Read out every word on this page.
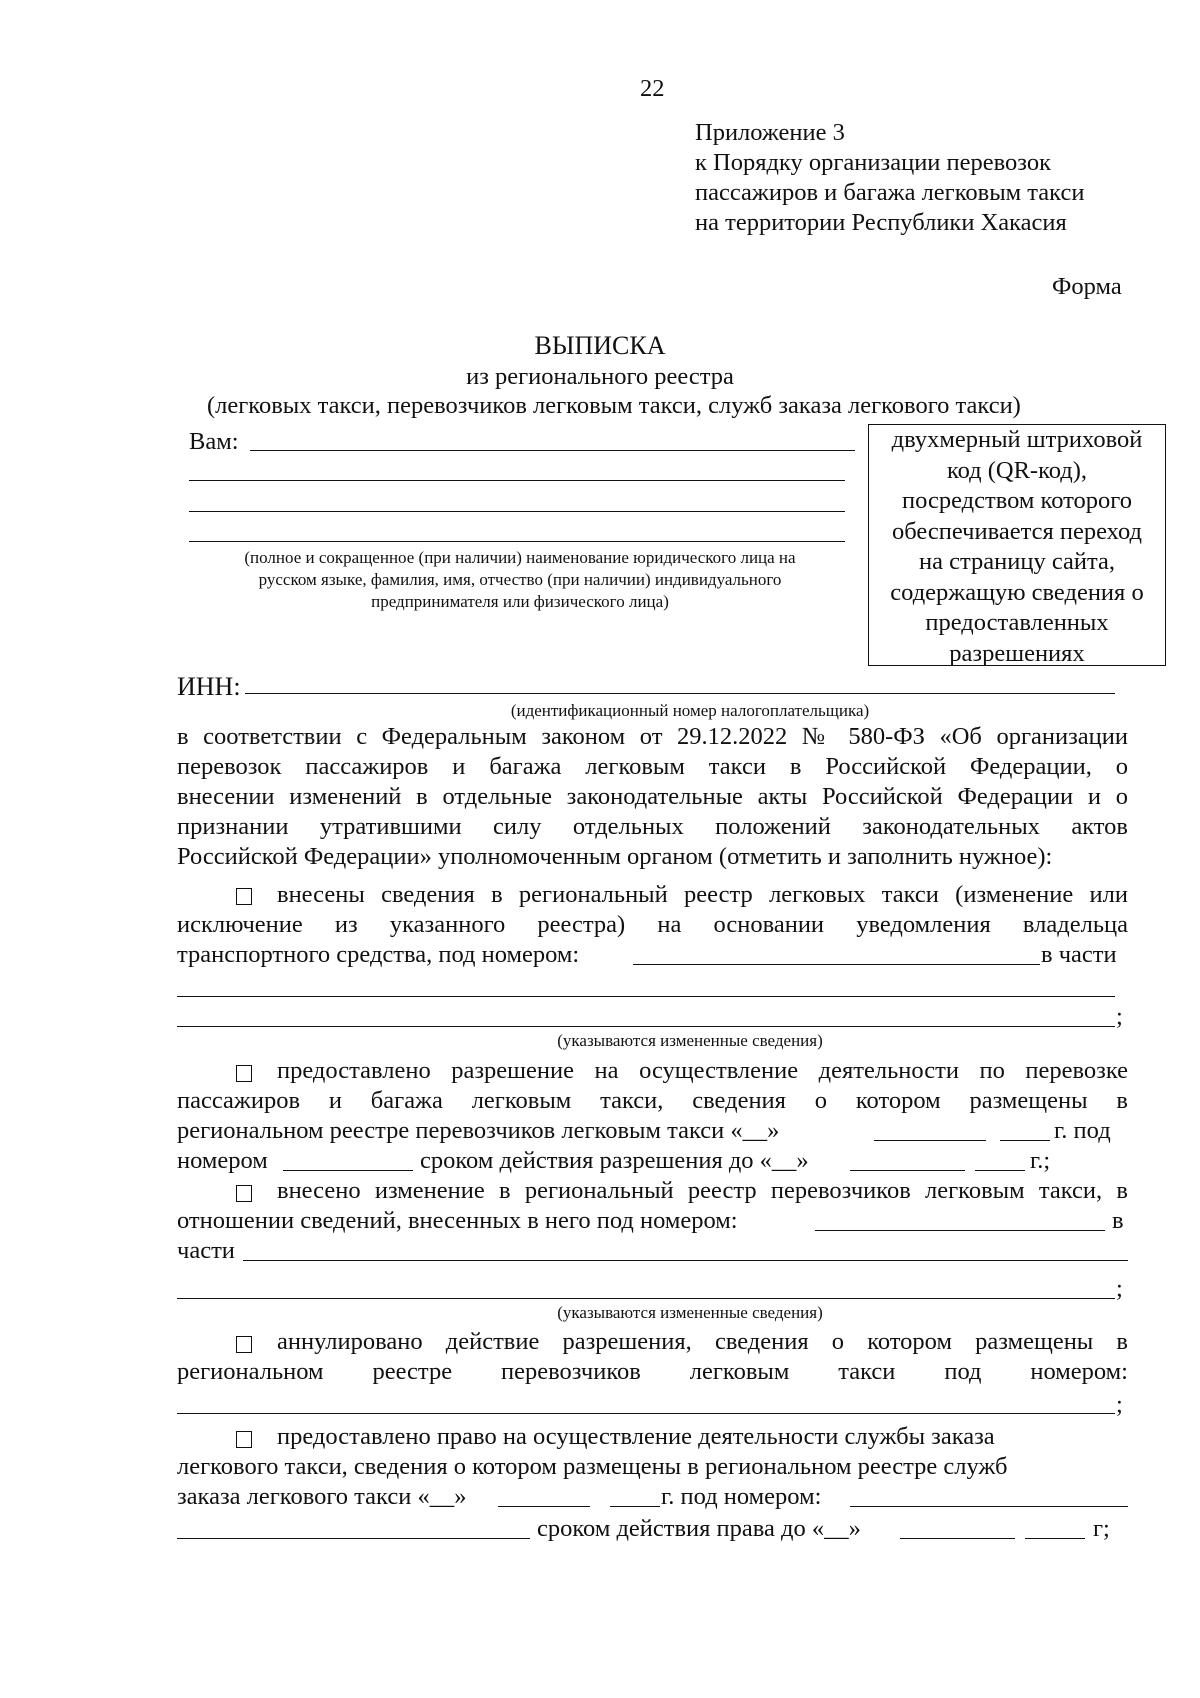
22
Приложение 3
к Порядку организации перевозок
пассажиров и багажа легковым такси
на территории Республики Хакасия
Форма
ВЫПИСКА
из регионального реестра
(легковых такси, перевозчиков легковым такси, служб заказа легкового такси)
Вам:
(полное и сокращенное (при наличии) наименование юридического лица на
русском языке, фамилия, имя, отчество (при наличии) индивидуального
предпринимателя или физического лица)
двухмерный штриховой
код (QR-код),
посредством которого
обеспечивается переход
на страницу сайта,
содержащую сведения о
предоставленных
разрешениях
ИНН:
(идентификационный номер налогоплательщика)
в соответствии с Федеральным законом от 29.12.2022 № 580-ФЗ «Об организации
перевозок пассажиров и багажа легковым такси в Российской Федерации, о
внесении изменений в отдельные законодательные акты Российской Федерации и о
признании утратившими силу отдельных положений законодательных актов
Российской Федерации» уполномоченным органом (отметить и заполнить нужное):
внесены сведения в региональный реестр легковых такси (изменение или
исключение из указанного реестра) на основании уведомления владельца
транспортного средства, под номером:	в части
;
(указываются измененные сведения)
предоставлено разрешение на осуществление деятельности по перевозке
пассажиров и багажа легковым такси, сведения о котором размещены в
региональном реестре перевозчиков легковым такси «__»	г. под
номером	сроком действия разрешения до «__»	г.;
внесено изменение в региональный реестр перевозчиков легковым такси, в
отношении сведений, внесенных в него под номером:	в
части
;
(указываются измененные сведения)
аннулировано действие разрешения, сведения о котором размещены в
региональном реестре перевозчиков легковым такси под номером:
;
предоставлено право на осуществление деятельности службы заказа
легкового такси, сведения о котором размещены в региональном реестре служб
заказа легкового такси «__»	г. под номером:
сроком действия права до «__»	г;
